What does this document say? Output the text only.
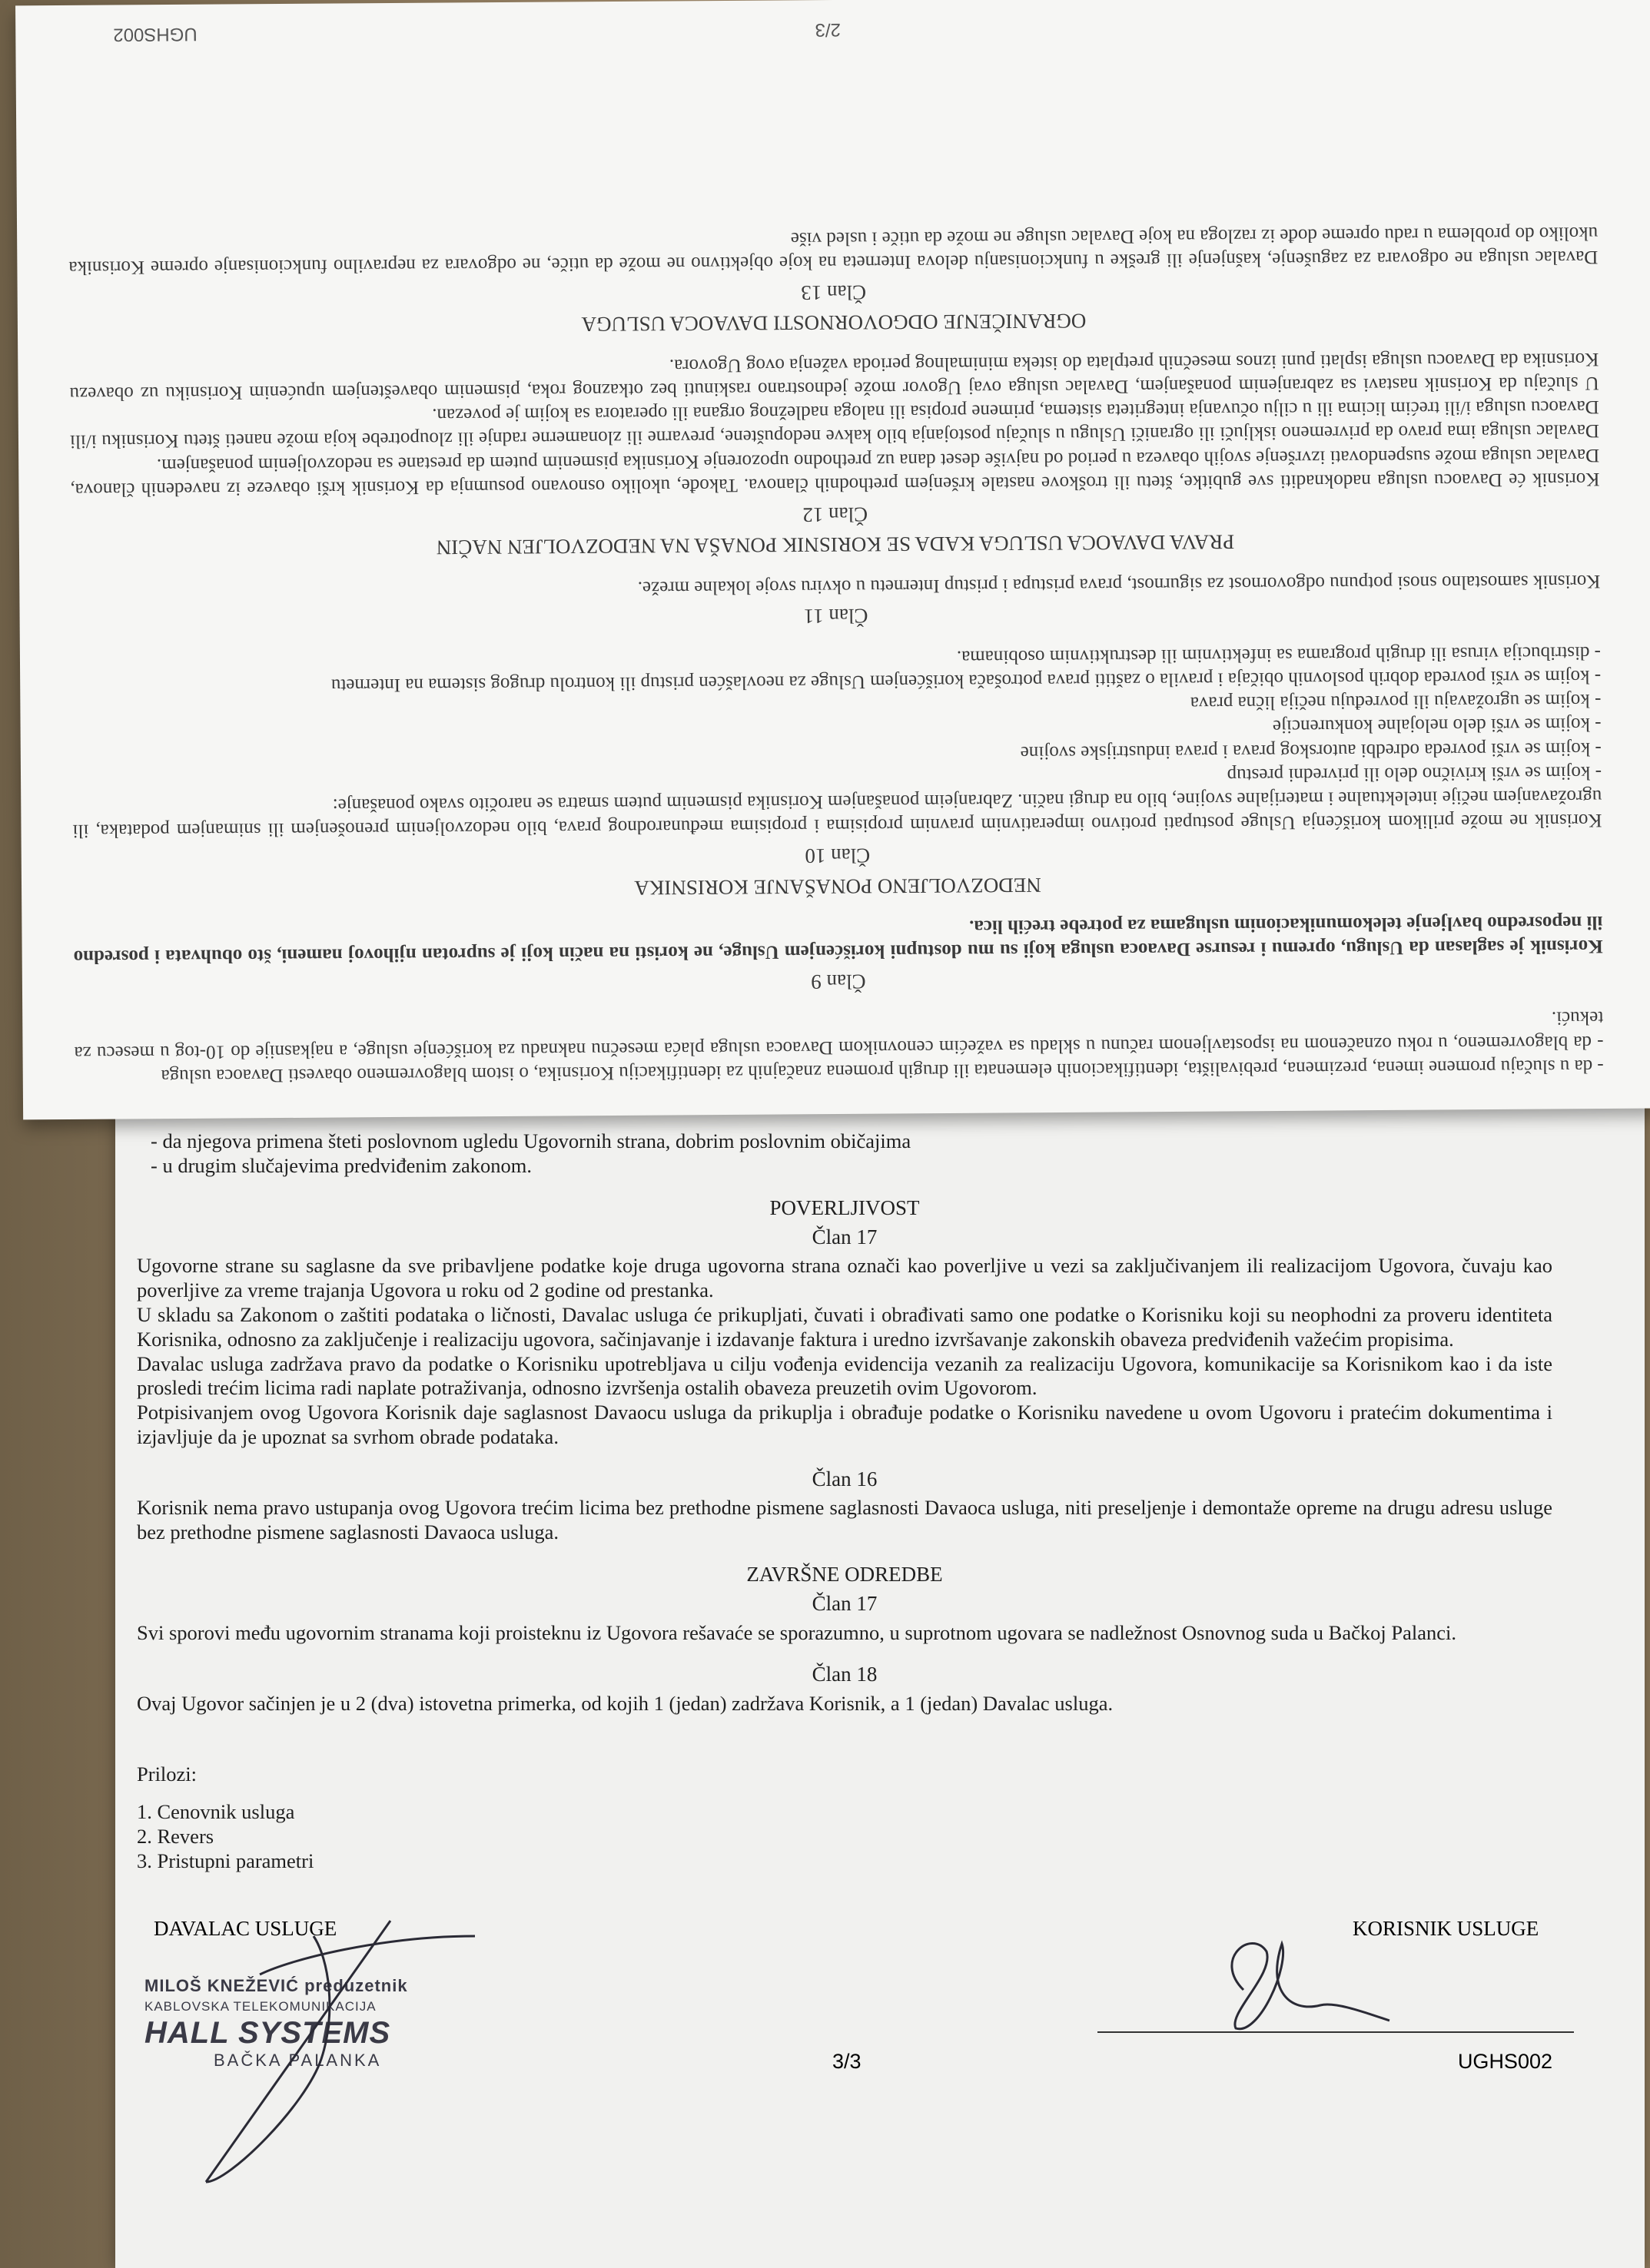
- da njegova primena šteti poslovnom ugledu Ugovornih strana, dobrim poslovnim običajima

- u drugim slučajevima predviđenim zakonom.

POVERLJIVOST
Član 17

Ugovorne strane su saglasne da sve pribavljene podatke koje druga ugovorna strana označi kao poverljive u vezi sa zaključivanjem ili realizacijom Ugovora, čuvaju kao poverljive za vreme trajanja Ugovora u roku od 2 godine od prestanka.

U skladu sa Zakonom o zaštiti podataka o ličnosti, Davalac usluga će prikupljati, čuvati i obrađivati samo one podatke o Korisniku koji su neophodni za proveru identiteta Korisnika, odnosno za zaključenje i realizaciju ugovora, sačinjavanje i izdavanje faktura i uredno izvršavanje zakonskih obaveza predviđenih važećim propisima.

Davalac usluga zadržava pravo da podatke o Korisniku upotrebljava u cilju vođenja evidencija vezanih za realizaciju Ugovora, komunikacije sa Korisnikom kao i da iste prosledi trećim licima radi naplate potraživanja, odnosno izvršenja ostalih obaveza preuzetih ovim Ugovorom.

Potpisivanjem ovog Ugovora Korisnik daje saglasnost Davaocu usluga da prikuplja i obrađuje podatke o Korisniku navedene u ovom Ugovoru i pratećim dokumentima i izjavljuje da je upoznat sa svrhom obrade podataka.

Član 16

Korisnik nema pravo ustupanja ovog Ugovora trećim licima bez prethodne pismene saglasnosti Davaoca usluga, niti preseljenje i demontaže opreme na drugu adresu usluge bez prethodne pismene saglasnosti Davaoca usluga.

ZAVRŠNE ODREDBE
Član 17

Svi sporovi među ugovornim stranama koji proisteknu iz Ugovora rešavaće se sporazumno, u suprotnom ugovara se nadležnost Osnovnog suda u Bačkoj Palanci.

Član 18

Ovaj Ugovor sačinjen je u 2 (dva) istovetna primerka, od kojih 1 (jedan) zadržava Korisnik, a 1 (jedan) Davalac usluga.

Prilozi:

1. Cenovnik usluga

2. Revers

3. Pristupni parametri

DAVALAC USLUGE	KORISNIK USLUGE
MILOŠ KNEŽEVIĆ preduzetnik
KABLOVSKA TELEKOMUNIKACIJA
HALL SYSTEMS
BAČKA PALANKA	3/3	UGHS002

- da u slučaju promene imena, prezimena, prebivališta, identifikacionih elemenata ili drugih promena značajnih za identifikaciju Korisnika, o istom blagovremeno obavesti Davaoca usluga

- da blagovremeno, u roku označenom na ispostavljenom računu u skladu sa važećim cenovnikom Davaoca usluga plaća mesečnu naknadu za korišćenje usluge, a najkasnije do 10-tog u mesecu za tekući.

Član 9

Korisnik je saglasan da Uslugu, opremu i resurse Davaoca usluga koji su mu dostupni korišćenjem Usluge, ne koristi na način koji je suprotan njihovoj nameni, što obuhvata i posredno ili neposredno bavljenje telekomunikacionim uslugama za potrebe trećih lica.

NEDOZVOLJENO PONAŠANJE KORISNIKA
Član 10

Korisnik ne može prilikom korišćenja Usluge postupati protivno imperativnim pravnim propisima i propisima međunarodnog prava, bilo nedozvoljenim prenošenjem ili snimanjem podataka, ili ugrožavanjem nečije intelektualne i materijalne svojine, bilo na drugi način. Zabranjeim ponašanjem Korisnika pismenim putem smatra se naročito svako ponašanje:

- kojim se vrši krivično delo ili privredni prestup

- kojim se vrši povreda odredbi autorskog prava i prava industrijske svojine

- kojim se vrši delo nelojalne konkurencije

- kojim se ugrožavaju ili povređuju nečija lična prava

- kojim se vrši povreda dobrih poslovnih običaja i pravila o zaštiti prava potrošača korišćenjem Usluge za neovlašćen pristup ili kontrolu drugog sistema na Internetu

- distribucija virusa ili drugih programa sa infektivnim ili destruktivnim osobinama.

Član 11

Korisnik samostalno snosi potpunu odgovornost za sigurnost, prava pristupa i pristup Internetu u okviru svoje lokalne mreže.

PRAVA DAVAOCA USLUGA KADA SE KORISNIK PONAŠA NA NEDOZVOLJEN NAČIN
Član 12

Korisnik će Davaocu usluga nadoknaditi sve gubitke, štetu ili troškove nastale kršenjem prethodnih članova. Takođe, ukoliko osnovano posumnja da Korisnik krši obaveze iz navedenih članova, Davalac usluga može suspendovati izvršenje svojih obaveza u period od najviše deset dana uz prethodno upozorenje Korisnika pismenim putem da prestane sa nedozvoljenim ponašanjem.

Davalac usluga ima pravo da privremeno isključi ili ograniči Uslugu u slučaju postojanja bilo kakve nedopuštene, prevarne ili zlonamerne radnje ili zloupotrebe koja može naneti štetu Korisniku i/ili Davaocu usluga i/ili trećim licima ili u cilju očuvanja integriteta sistema, primene propisa ili naloga nadležnog organa ili operatora sa kojim je povezan.

U slučaju da Korisnik nastavi sa zabranjenim ponašanjem, Davalac usluga ovaj Ugovor može jednostrano raskinuti bez otkaznog roka, pismenim obaveštenjem upućenim Korisniku uz obavezu Korisnika da Davaocu usluga isplati puni iznos mesečnih pretplata do isteka minimalnog perioda važenja ovog Ugovora.

OGRANIČENJE ODGOVORNOSTI DAVAOCA USLUGA
Član 13

Davalac usluga ne odgovara za zagušenje, kašnjenje ili greške u funkcionisanju delova Interneta na koje objektivno ne može da utiče, ne odgovara za nepravilno funkcionisanje opreme Korisnika ukoliko do problema u radu opreme dođe iz razloga na koje Davalac usluge ne može da utiče i usled više

2/3
UGHS002
